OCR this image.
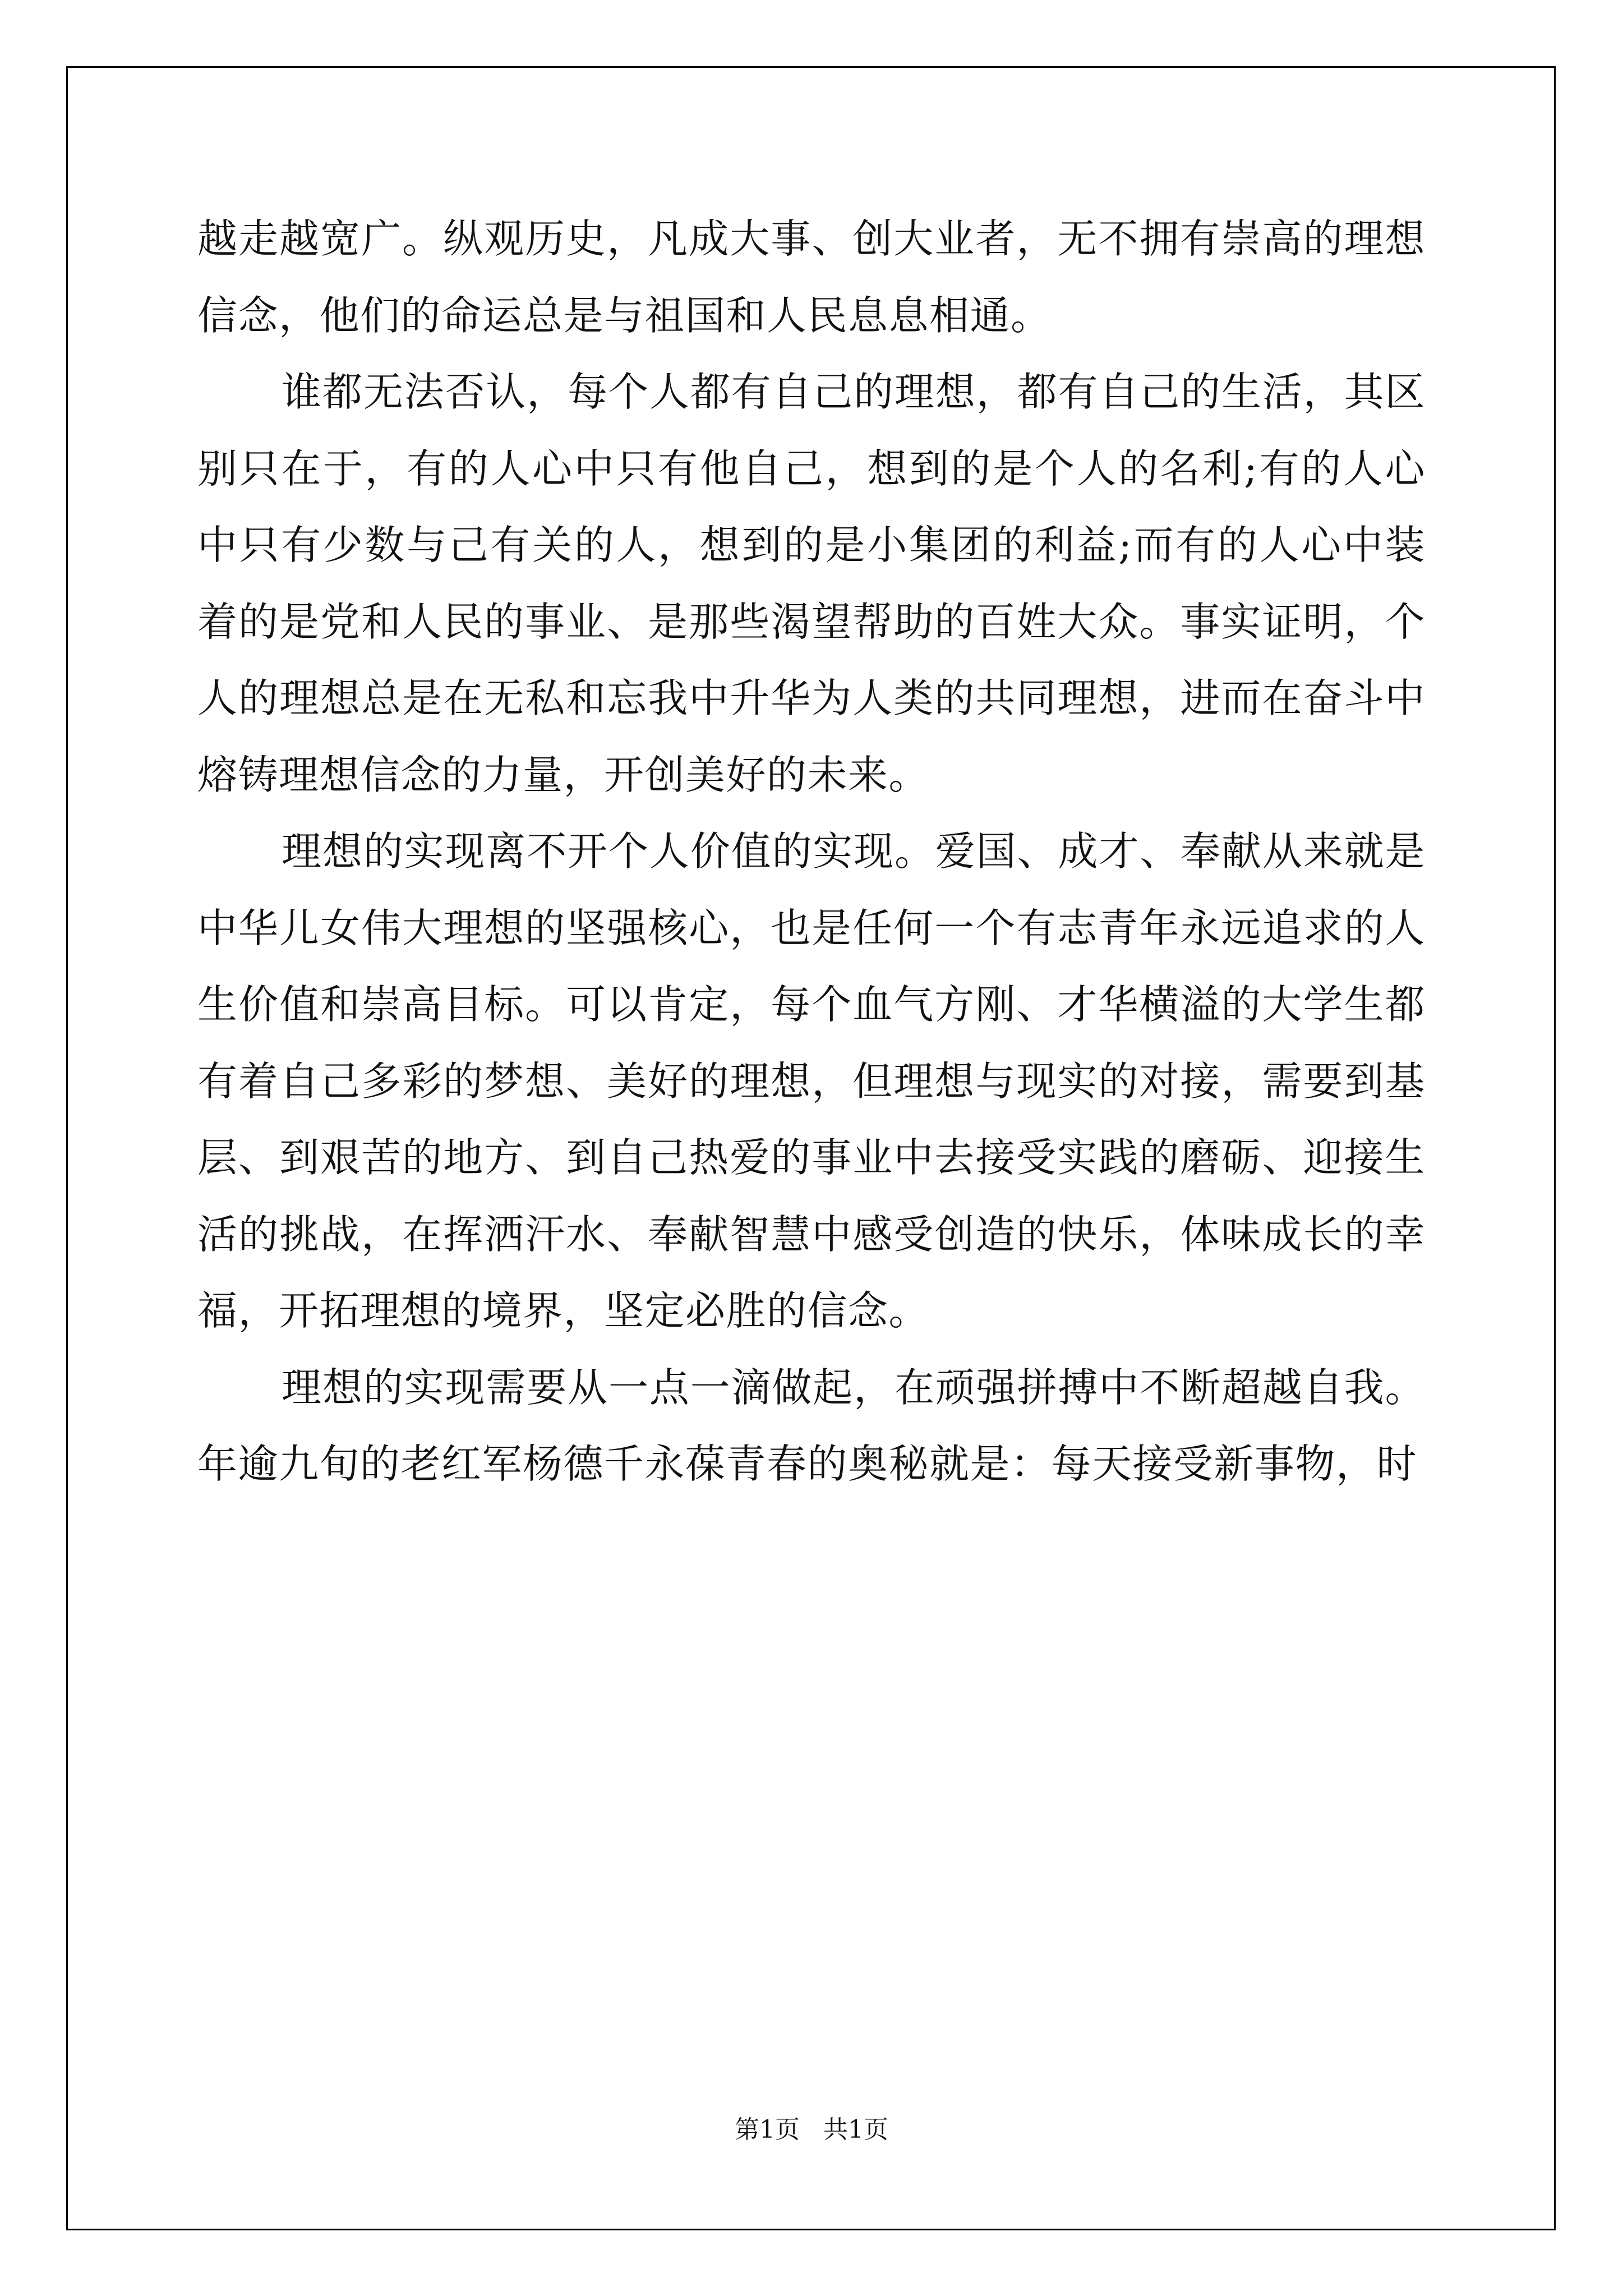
越走越宽广。纵观历史，凡成大事、创大业者，无不拥有崇高的理想信念，他们的命运总是与祖国和人民息息相通。

谁都无法否认，每个人都有自己的理想，都有自己的生活，其区别只在于，有的人心中只有他自己，想到的是个人的名利;有的人心中只有少数与己有关的人，想到的是小集团的利益;而有的人心中装着的是党和人民的事业、是那些渴望帮助的百姓大众。事实证明，个人的理想总是在无私和忘我中升华为人类的共同理想，进而在奋斗中熔铸理想信念的力量，开创美好的未来。

理想的实现离不开个人价值的实现。爱国、成才、奉献从来就是中华儿女伟大理想的坚强核心，也是任何一个有志青年永远追求的人生价值和崇高目标。可以肯定，每个血气方刚、才华横溢的大学生都有着自己多彩的梦想、美好的理想，但理想与现实的对接，需要到基层、到艰苦的地方、到自己热爱的事业中去接受实践的磨砺、迎接生活的挑战，在挥洒汗水、奉献智慧中感受创造的快乐，体味成长的幸福，开拓理想的境界，坚定必胜的信念。

理想的实现需要从一点一滴做起，在顽强拼搏中不断超越自我。年逾九旬的老红军杨德千永葆青春的奥秘就是：每天接受新事物，时

第1页   共1页
